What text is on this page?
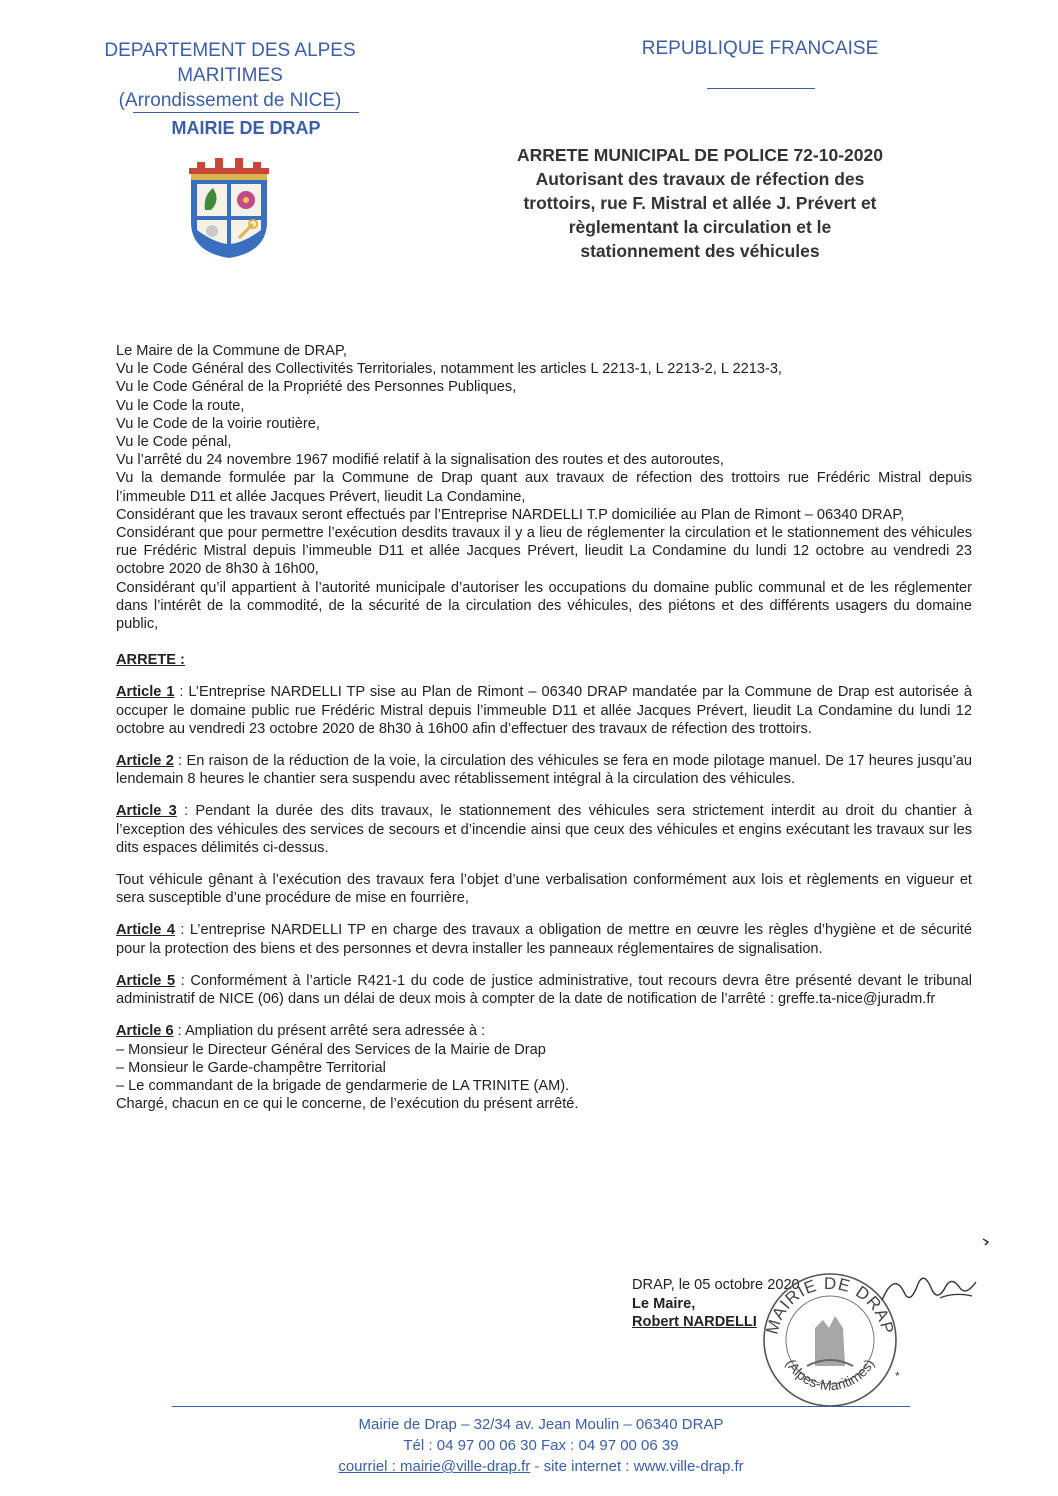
DEPARTEMENT DES ALPES MARITIMES
(Arrondissement de NICE)
REPUBLIQUE FRANCAISE
MAIRIE DE DRAP
ARRETE MUNICIPAL DE POLICE 72-10-2020
Autorisant des travaux de réfection des
trottoirs, rue F. Mistral et allée J. Prévert et
règlementant la circulation et le
stationnement des véhicules

Le Maire de la Commune de DRAP,

Vu le Code Général des Collectivités Territoriales, notamment les articles L 2213-1, L 2213-2, L 2213-3,

Vu le Code Général de la Propriété des Personnes Publiques,

Vu le Code la route,

Vu le Code de la voirie routière,

Vu le Code pénal,

Vu l’arrêté du 24 novembre 1967 modifié relatif à la signalisation des routes et des autoroutes,

Vu la demande formulée par la Commune de Drap quant aux travaux de réfection des trottoirs rue Frédéric Mistral depuis l’immeuble D11 et allée Jacques Prévert, lieudit La Condamine,

Considérant que les travaux seront effectués par l’Entreprise NARDELLI T.P domiciliée au Plan de Rimont – 06340 DRAP,

Considérant que pour permettre l’exécution desdits travaux il y a lieu de réglementer la circulation et le stationnement des véhicules rue Frédéric Mistral depuis l’immeuble D11 et allée Jacques Prévert, lieudit La Condamine du lundi 12 octobre au vendredi 23 octobre 2020 de 8h30 à 16h00,

Considérant qu’il appartient à l’autorité municipale d’autoriser les occupations du domaine public communal et de les réglementer dans l’intérêt de la commodité, de la sécurité de la circulation des véhicules, des piétons et des différents usagers du domaine public,

ARRETE :

Article 1 : L’Entreprise NARDELLI TP sise au Plan de Rimont – 06340 DRAP mandatée par la Commune de Drap est autorisée à occuper le domaine public rue Frédéric Mistral depuis l’immeuble D11 et allée Jacques Prévert, lieudit La Condamine du lundi 12 octobre au vendredi 23 octobre 2020 de 8h30 à 16h00 afin d’effectuer des travaux de réfection des trottoirs.

Article 2 : En raison de la réduction de la voie, la circulation des véhicules se fera en mode pilotage manuel. De 17 heures jusqu’au lendemain 8 heures le chantier sera suspendu avec rétablissement intégral à la circulation des véhicules.

Article 3 : Pendant la durée des dits travaux, le stationnement des véhicules sera strictement interdit au droit du chantier à l’exception des véhicules des services de secours et d’incendie ainsi que ceux des véhicules et engins exécutant les travaux sur les dits espaces délimités ci-dessus.

Tout véhicule gênant à l’exécution des travaux fera l’objet d’une verbalisation conformément aux lois et règlements en vigueur et sera susceptible d’une procédure de mise en fourrière,

Article 4 : L’entreprise NARDELLI TP en charge des travaux a obligation de mettre en œuvre les règles d’hygiène et de sécurité pour la protection des biens et des personnes et devra installer les panneaux réglementaires de signalisation.

Article 5 : Conformément à l’article R421-1 du code de justice administrative, tout recours devra être présenté devant le tribunal administratif de NICE (06) dans un délai de deux mois à compter de la date de notification de l’arrêté : greffe.ta-nice@juradm.fr

Article 6 : Ampliation du présent arrêté sera adressée à :

– Monsieur le Directeur Général des Services de la Mairie de Drap

– Monsieur le Garde-champêtre Territorial

– Le commandant de la brigade de gendarmerie de LA TRINITE (AM).

Chargé, chacun en ce qui le concerne, de l’exécution du présent arrêté.

DRAP, le 05 octobre 2020
Le Maire,
Robert NARDELLI MAIRIE DE DRAP
(Alpes-Maritimes)
*
Mairie de Drap – 32/34 av. Jean Moulin – 06340 DRAP
Tél : 04 97 00 06 30 Fax : 04 97 00 06 39
courriel : mairie@ville-drap.fr - site internet : www.ville-drap.fr
